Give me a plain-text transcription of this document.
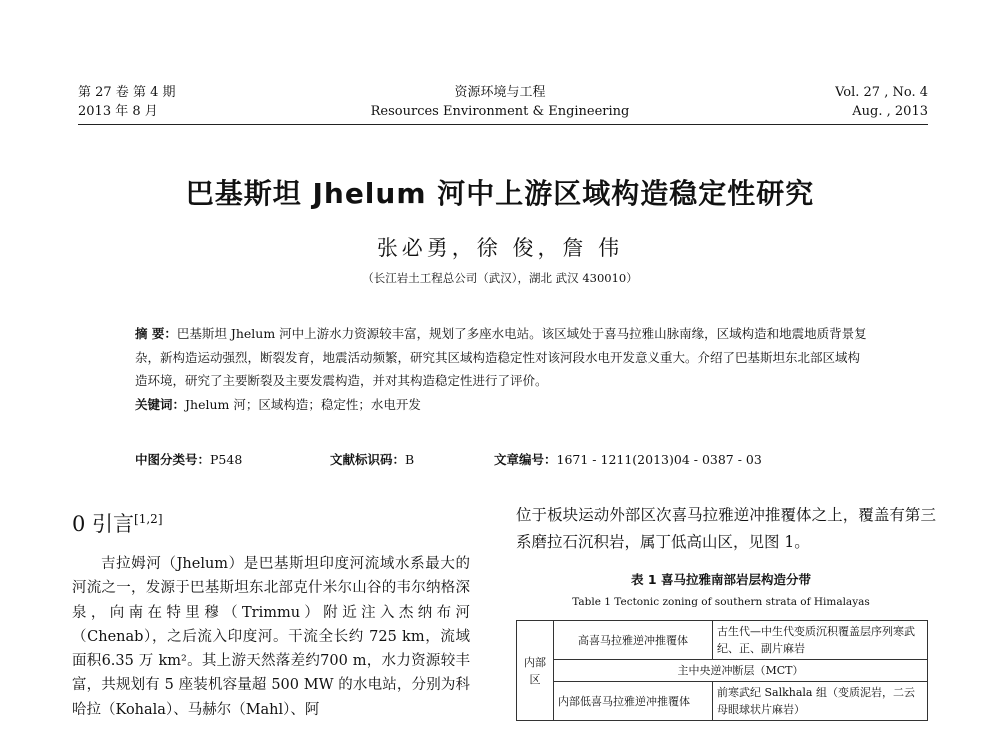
第 27 卷 第 4 期
2013 年 8 月
资源环境与工程
Resources Environment & Engineering
Vol. 27 , No. 4
Aug. , 2013
巴基斯坦 Jhelum 河中上游区域构造稳定性研究
张必勇，徐 俊，詹 伟
（长江岩土工程总公司（武汉），湖北 武汉 430010）
摘 要：巴基斯坦 Jhelum 河中上游水力资源较丰富，规划了多座水电站。该区域处于喜马拉雅山脉南缘，区域构造和地震地质背景复杂，新构造运动强烈，断裂发育，地震活动频繁，研究其区域构造稳定性对该河段水电开发意义重大。介绍了巴基斯坦东北部区域构造环境，研究了主要断裂及主要发震构造，并对其构造稳定性进行了评价。
关键词：Jhelum 河；区域构造；稳定性；水电开发
中图分类号：P548	文献标识码：B	文章编号：1671 - 1211(2013)04 - 0387 - 03
0 引言[1,2]
吉拉姆河（Jhelum）是巴基斯坦印度河流域水系最大的河流之一，发源于巴基斯坦东北部克什米尔山谷的韦尔纳格深泉，向南在特里穆（Trimmu）附近注入杰纳布河（Chenab），之后流入印度河。干流全长约 725 km，流域面积6.35 万 km²。其上游天然落差约700 m，水力资源较丰富，共规划有 5 座装机容量超 500 MW 的水电站，分别为科哈拉（Kohala）、马赫尔（Mahl）、阿
位于板块运动外部区次喜马拉雅逆冲推覆体之上，覆盖有第三系磨拉石沉积岩，属丁低高山区，见图 1。
表 1 喜马拉雅南部岩层构造分带
Table 1 Tectonic zoning of southern strata of Himalayas
内部区	高喜马拉雅逆冲推覆体	古生代—中生代变质沉积覆盖层序列寒武纪、正、副片麻岩
	主中央逆冲断层（MCT）	
	内部低喜马拉雅逆冲推覆体	前寒武纪 Salkhala 组（变质泥岩，二云母眼球状片麻岩）
